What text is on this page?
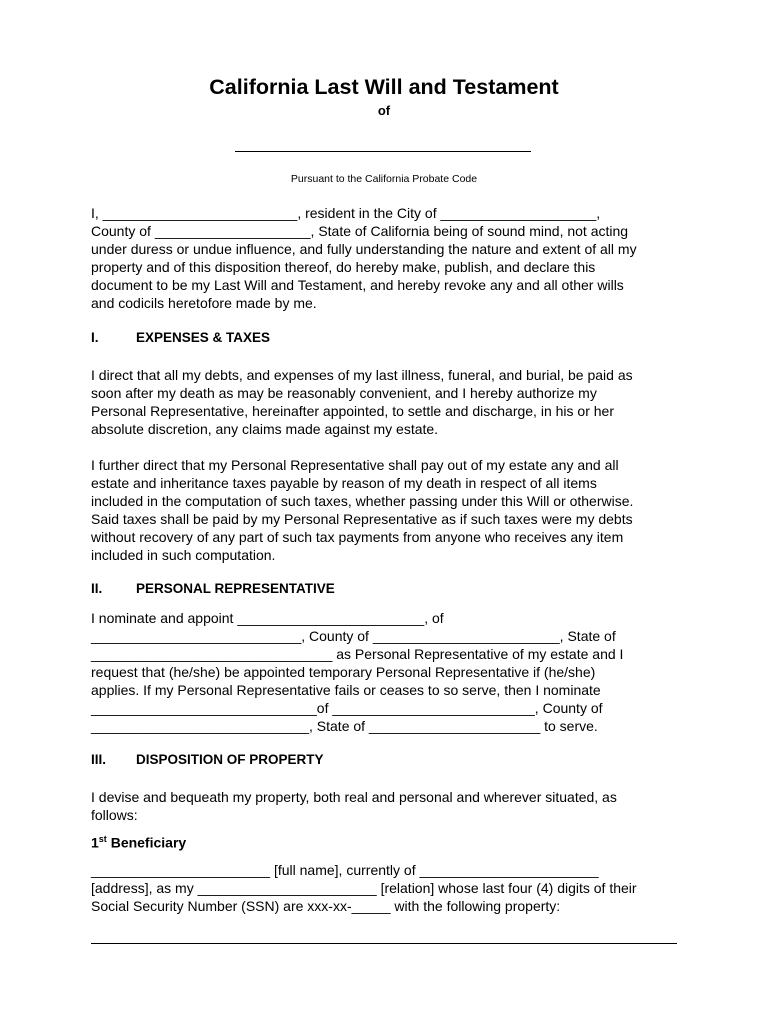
California Last Will and Testament
of
Pursuant to the California Probate Code
I, _________________________, resident in the City of ____________________,
County of ____________________, State of California being of sound mind, not acting
under duress or undue influence, and fully understanding the nature and extent of all my
property and of this disposition thereof, do hereby make, publish, and declare this
document to be my Last Will and Testament, and hereby revoke any and all other wills
and codicils heretofore made by me.
I.	EXPENSES & TAXES
I direct that all my debts, and expenses of my last illness, funeral, and burial, be paid as
soon after my death as may be reasonably convenient, and I hereby authorize my
Personal Representative, hereinafter appointed, to settle and discharge, in his or her
absolute discretion, any claims made against my estate.
I further direct that my Personal Representative shall pay out of my estate any and all
estate and inheritance taxes payable by reason of my death in respect of all items
included in the computation of such taxes, whether passing under this Will or otherwise.
Said taxes shall be paid by my Personal Representative as if such taxes were my debts
without recovery of any part of such tax payments from anyone who receives any item
included in such computation.
II. PERSONAL REPRESENTATIVE
I nominate and appoint ________________________, of
___________________________, County of ________________________, State of
_______________________________ as Personal Representative of my estate and I
request that (he/she) be appointed temporary Personal Representative if (he/she)
applies. If my Personal Representative fails or ceases to so serve, then I nominate
_____________________________of __________________________, County of
____________________________, State of ______________________ to serve.
III. DISPOSITION OF PROPERTY
I devise and bequeath my property, both real and personal and wherever situated, as
follows:
1st Beneficiary
_______________________ [full name], currently of _______________________
[address], as my _______________________ [relation] whose last four (4) digits of their
Social Security Number (SSN) are xxx-xx-_____ with the following property:
